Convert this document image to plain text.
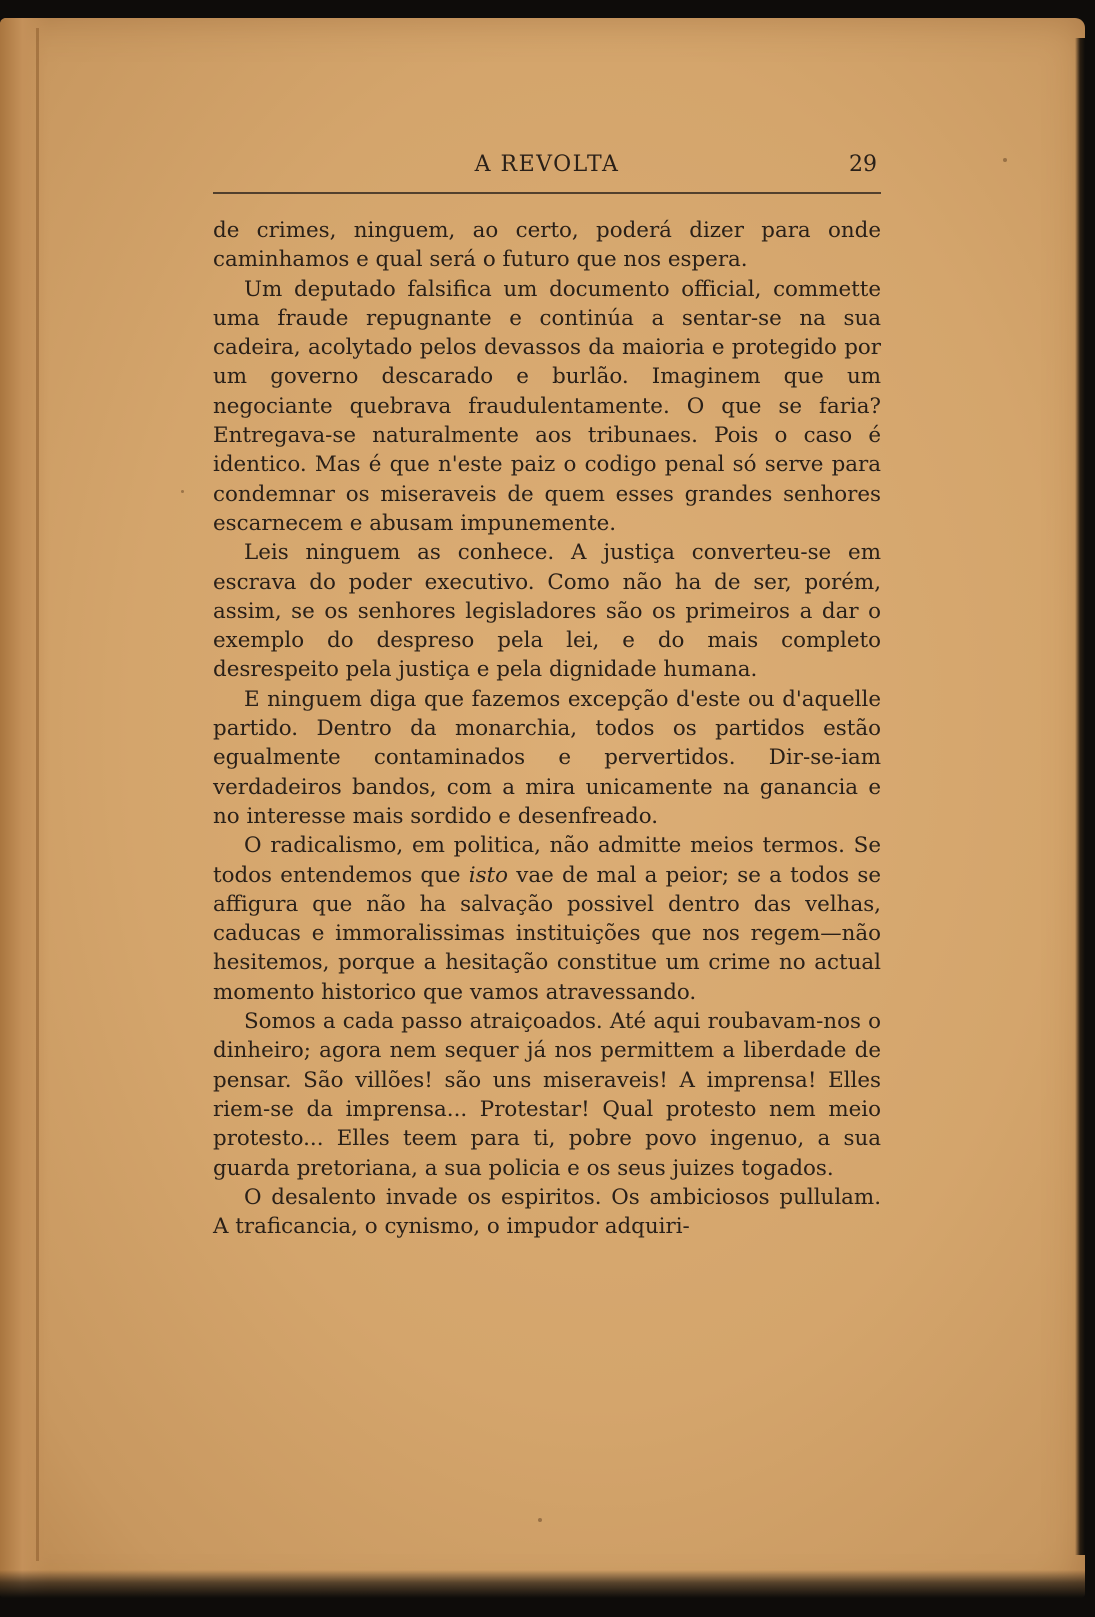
A REVOLTA	29

de crimes, ninguem, ao certo, poderá dizer para onde caminhamos e qual será o futuro que nos espera.

Um deputado falsifica um documento official, commette uma fraude repugnante e continúa a sentar-se na sua cadeira, acolytado pelos devassos da maioria e protegido por um governo descarado e burlão. Imaginem que um negociante quebrava fraudulentamente. O que se faria? Entregava-se naturalmente aos tribunaes. Pois o caso é identico. Mas é que n'este paiz o codigo penal só serve para condemnar os miseraveis de quem esses grandes senhores escarnecem e abusam impunemente.

Leis ninguem as conhece. A justiça converteu-se em escrava do poder executivo. Como não ha de ser, porém, assim, se os senhores legisladores são os primeiros a dar o exemplo do despreso pela lei, e do mais completo desrespeito pela justiça e pela dignidade humana.

E ninguem diga que fazemos excepção d'este ou d'aquelle partido. Dentro da monarchia, todos os partidos estão egualmente contaminados e pervertidos. Dir-se-iam verdadeiros bandos, com a mira unicamente na ganancia e no interesse mais sordido e desenfreado.

O radicalismo, em politica, não admitte meios termos. Se todos entendemos que isto vae de mal a peior; se a todos se affigura que não ha salvação possivel dentro das velhas, caducas e immoralissimas instituições que nos regem—não hesitemos, porque a hesitação constitue um crime no actual momento historico que vamos atravessando.

Somos a cada passo atraiçoados. Até aqui roubavam-nos o dinheiro; agora nem sequer já nos permittem a liberdade de pensar. São villões! são uns miseraveis! A imprensa! Elles riem-se da imprensa... Protestar! Qual protesto nem meio protesto... Elles teem para ti, pobre povo ingenuo, a sua guarda pretoriana, a sua policia e os seus juizes togados.

O desalento invade os espiritos. Os ambiciosos pullulam. A traficancia, o cynismo, o impudor adquiri-
